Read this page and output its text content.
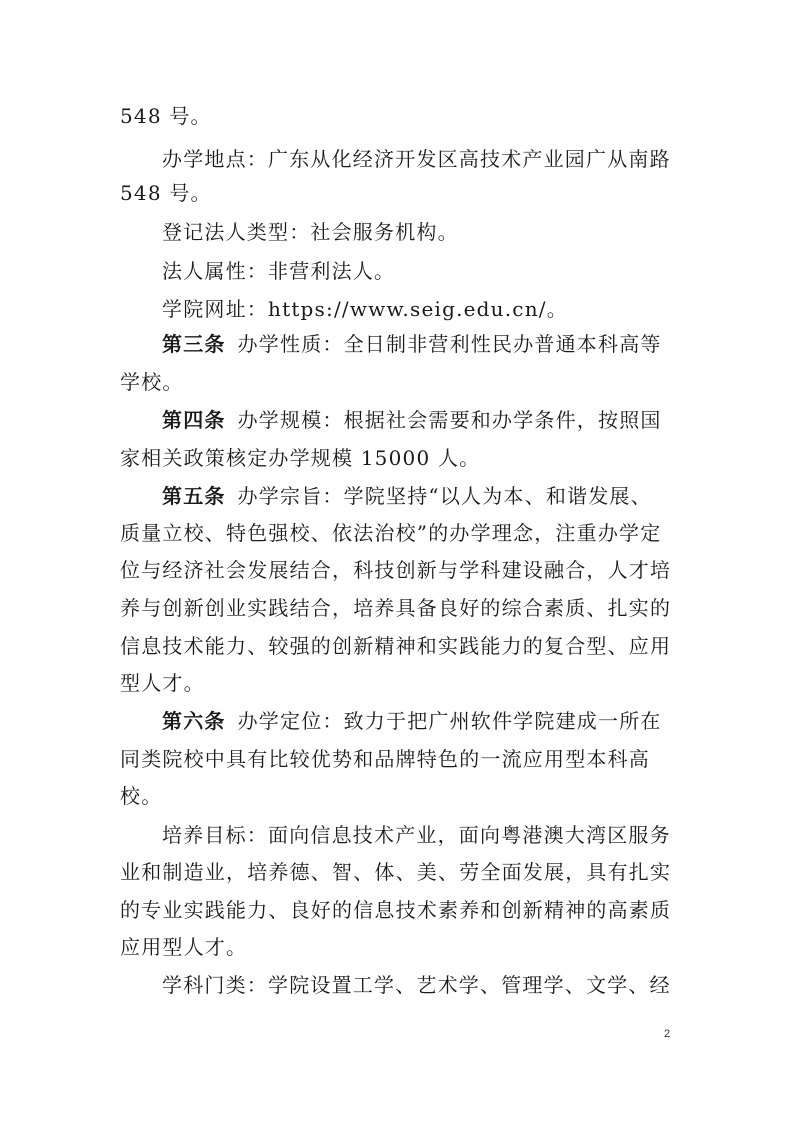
548 号。
办学地点：广东从化经济开发区高技术产业园广从南路
548 号。
登记法人类型：社会服务机构。
法人属性：非营利法人。
学院网址：https://www.seig.edu.cn/。
第三条 办学性质：全日制非营利性民办普通本科高等
学校。
第四条 办学规模：根据社会需要和办学条件，按照国
家相关政策核定办学规模 15000 人。
第五条 办学宗旨：学院坚持“以人为本、和谐发展、
质量立校、特色强校、依法治校”的办学理念，注重办学定
位与经济社会发展结合，科技创新与学科建设融合，人才培
养与创新创业实践结合，培养具备良好的综合素质、扎实的
信息技术能力、较强的创新精神和实践能力的复合型、应用
型人才。
第六条 办学定位：致力于把广州软件学院建成一所在
同类院校中具有比较优势和品牌特色的一流应用型本科高
校。
培养目标：面向信息技术产业，面向粤港澳大湾区服务
业和制造业，培养德、智、体、美、劳全面发展，具有扎实
的专业实践能力、良好的信息技术素养和创新精神的高素质
应用型人才。
学科门类：学院设置工学、艺术学、管理学、文学、经
2
